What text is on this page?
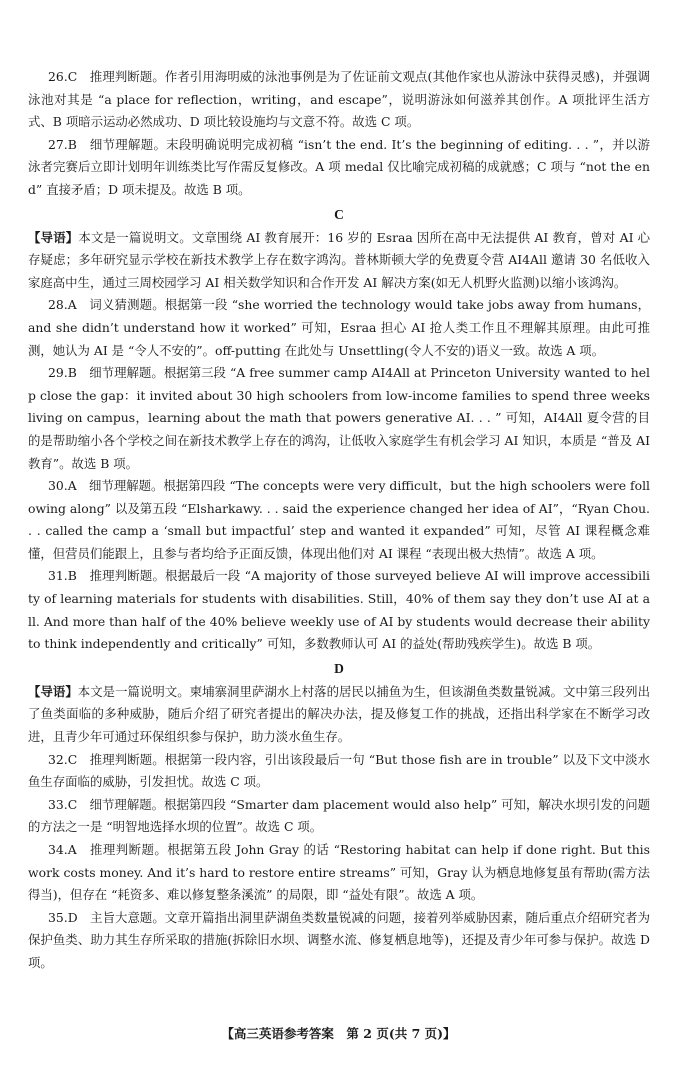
26.C　推理判断题。作者引用海明威的泳池事例是为了佐证前文观点(其他作家也从游泳中获得灵感)，并强调泳池对其是 “a place for reflection，writing，and escape”，说明游泳如何滋养其创作。A 项批评生活方式、B 项暗示运动必然成功、D 项比较设施均与文意不符。故选 C 项。

27.B　细节理解题。末段明确说明完成初稿 “isn’t the end. It’s the beginning of editing. . . ”，并以游泳者完赛后立即计划明年训练类比写作需反复修改。A 项 medal 仅比喻完成初稿的成就感；C 项与 “not the end” 直接矛盾；D 项未提及。故选 B 项。

C

【导语】本文是一篇说明文。文章围绕 AI 教育展开：16 岁的 Esraa 因所在高中无法提供 AI 教育，曾对 AI 心存疑虑；多年研究显示学校在新技术教学上存在数字鸿沟。普林斯顿大学的免费夏令营 AI4All 邀请 30 名低收入家庭高中生，通过三周校园学习 AI 相关数学知识和合作开发 AI 解决方案(如无人机野火监测)以缩小该鸿沟。

28.A　词义猜测题。根据第一段 “she worried the technology would take jobs away from humans，and she didn’t understand how it worked” 可知，Esraa 担心 AI 抢人类工作且不理解其原理。由此可推测，她认为 AI 是 “令人不安的”。off-putting 在此处与 Unsettling(令人不安的)语义一致。故选 A 项。

29.B　细节理解题。根据第三段 “A free summer camp AI4All at Princeton University wanted to help close the gap：it invited about 30 high schoolers from low-income families to spend three weeks living on campus，learning about the math that powers generative AI. . . ” 可知，AI4All 夏令营的目的是帮助缩小各个学校之间在新技术教学上存在的鸿沟，让低收入家庭学生有机会学习 AI 知识，本质是 “普及 AI 教育”。故选 B 项。

30.A　细节理解题。根据第四段 “The concepts were very difficult，but the high schoolers were following along” 以及第五段 “Elsharkawy. . . said the experience changed her idea of AI”，“Ryan Chou. . . called the camp a ‘small but impactful’ step and wanted it expanded” 可知，尽管 AI 课程概念难懂，但营员们能跟上，且参与者均给予正面反馈，体现出他们对 AI 课程 “表现出极大热情”。故选 A 项。

31.B　推理判断题。根据最后一段 “A majority of those surveyed believe AI will improve accessibility of learning materials for students with disabilities. Still，40% of them say they don’t use AI at all. And more than half of the 40% believe weekly use of AI by students would decrease their ability to think independently and critically” 可知，多数教师认可 AI 的益处(帮助残疾学生)。故选 B 项。

D

【导语】本文是一篇说明文。柬埔寨洞里萨湖水上村落的居民以捕鱼为生，但该湖鱼类数量锐减。文中第三段列出了鱼类面临的多种威胁，随后介绍了研究者提出的解决办法，提及修复工作的挑战，还指出科学家在不断学习改进，且青少年可通过环保组织参与保护，助力淡水鱼生存。

32.C　推理判断题。根据第一段内容，引出该段最后一句 “But those fish are in trouble” 以及下文中淡水鱼生存面临的威胁，引发担忧。故选 C 项。

33.C　细节理解题。根据第四段 “Smarter dam placement would also help” 可知，解决水坝引发的问题的方法之一是 “明智地选择水坝的位置”。故选 C 项。

34.A　推理判断题。根据第五段 John Gray 的话 “Restoring habitat can help if done right. But this work costs money. And it’s hard to restore entire streams” 可知，Gray 认为栖息地修复虽有帮助(需方法得当)，但存在 “耗资多、难以修复整条溪流” 的局限，即 “益处有限”。故选 A 项。

35.D　主旨大意题。文章开篇指出洞里萨湖鱼类数量锐减的问题，接着列举威胁因素，随后重点介绍研究者为保护鱼类、助力其生存所采取的措施(拆除旧水坝、调整水流、修复栖息地等)，还提及青少年可参与保护。故选 D 项。

【高三英语参考答案　第 2 页(共 7 页)】
